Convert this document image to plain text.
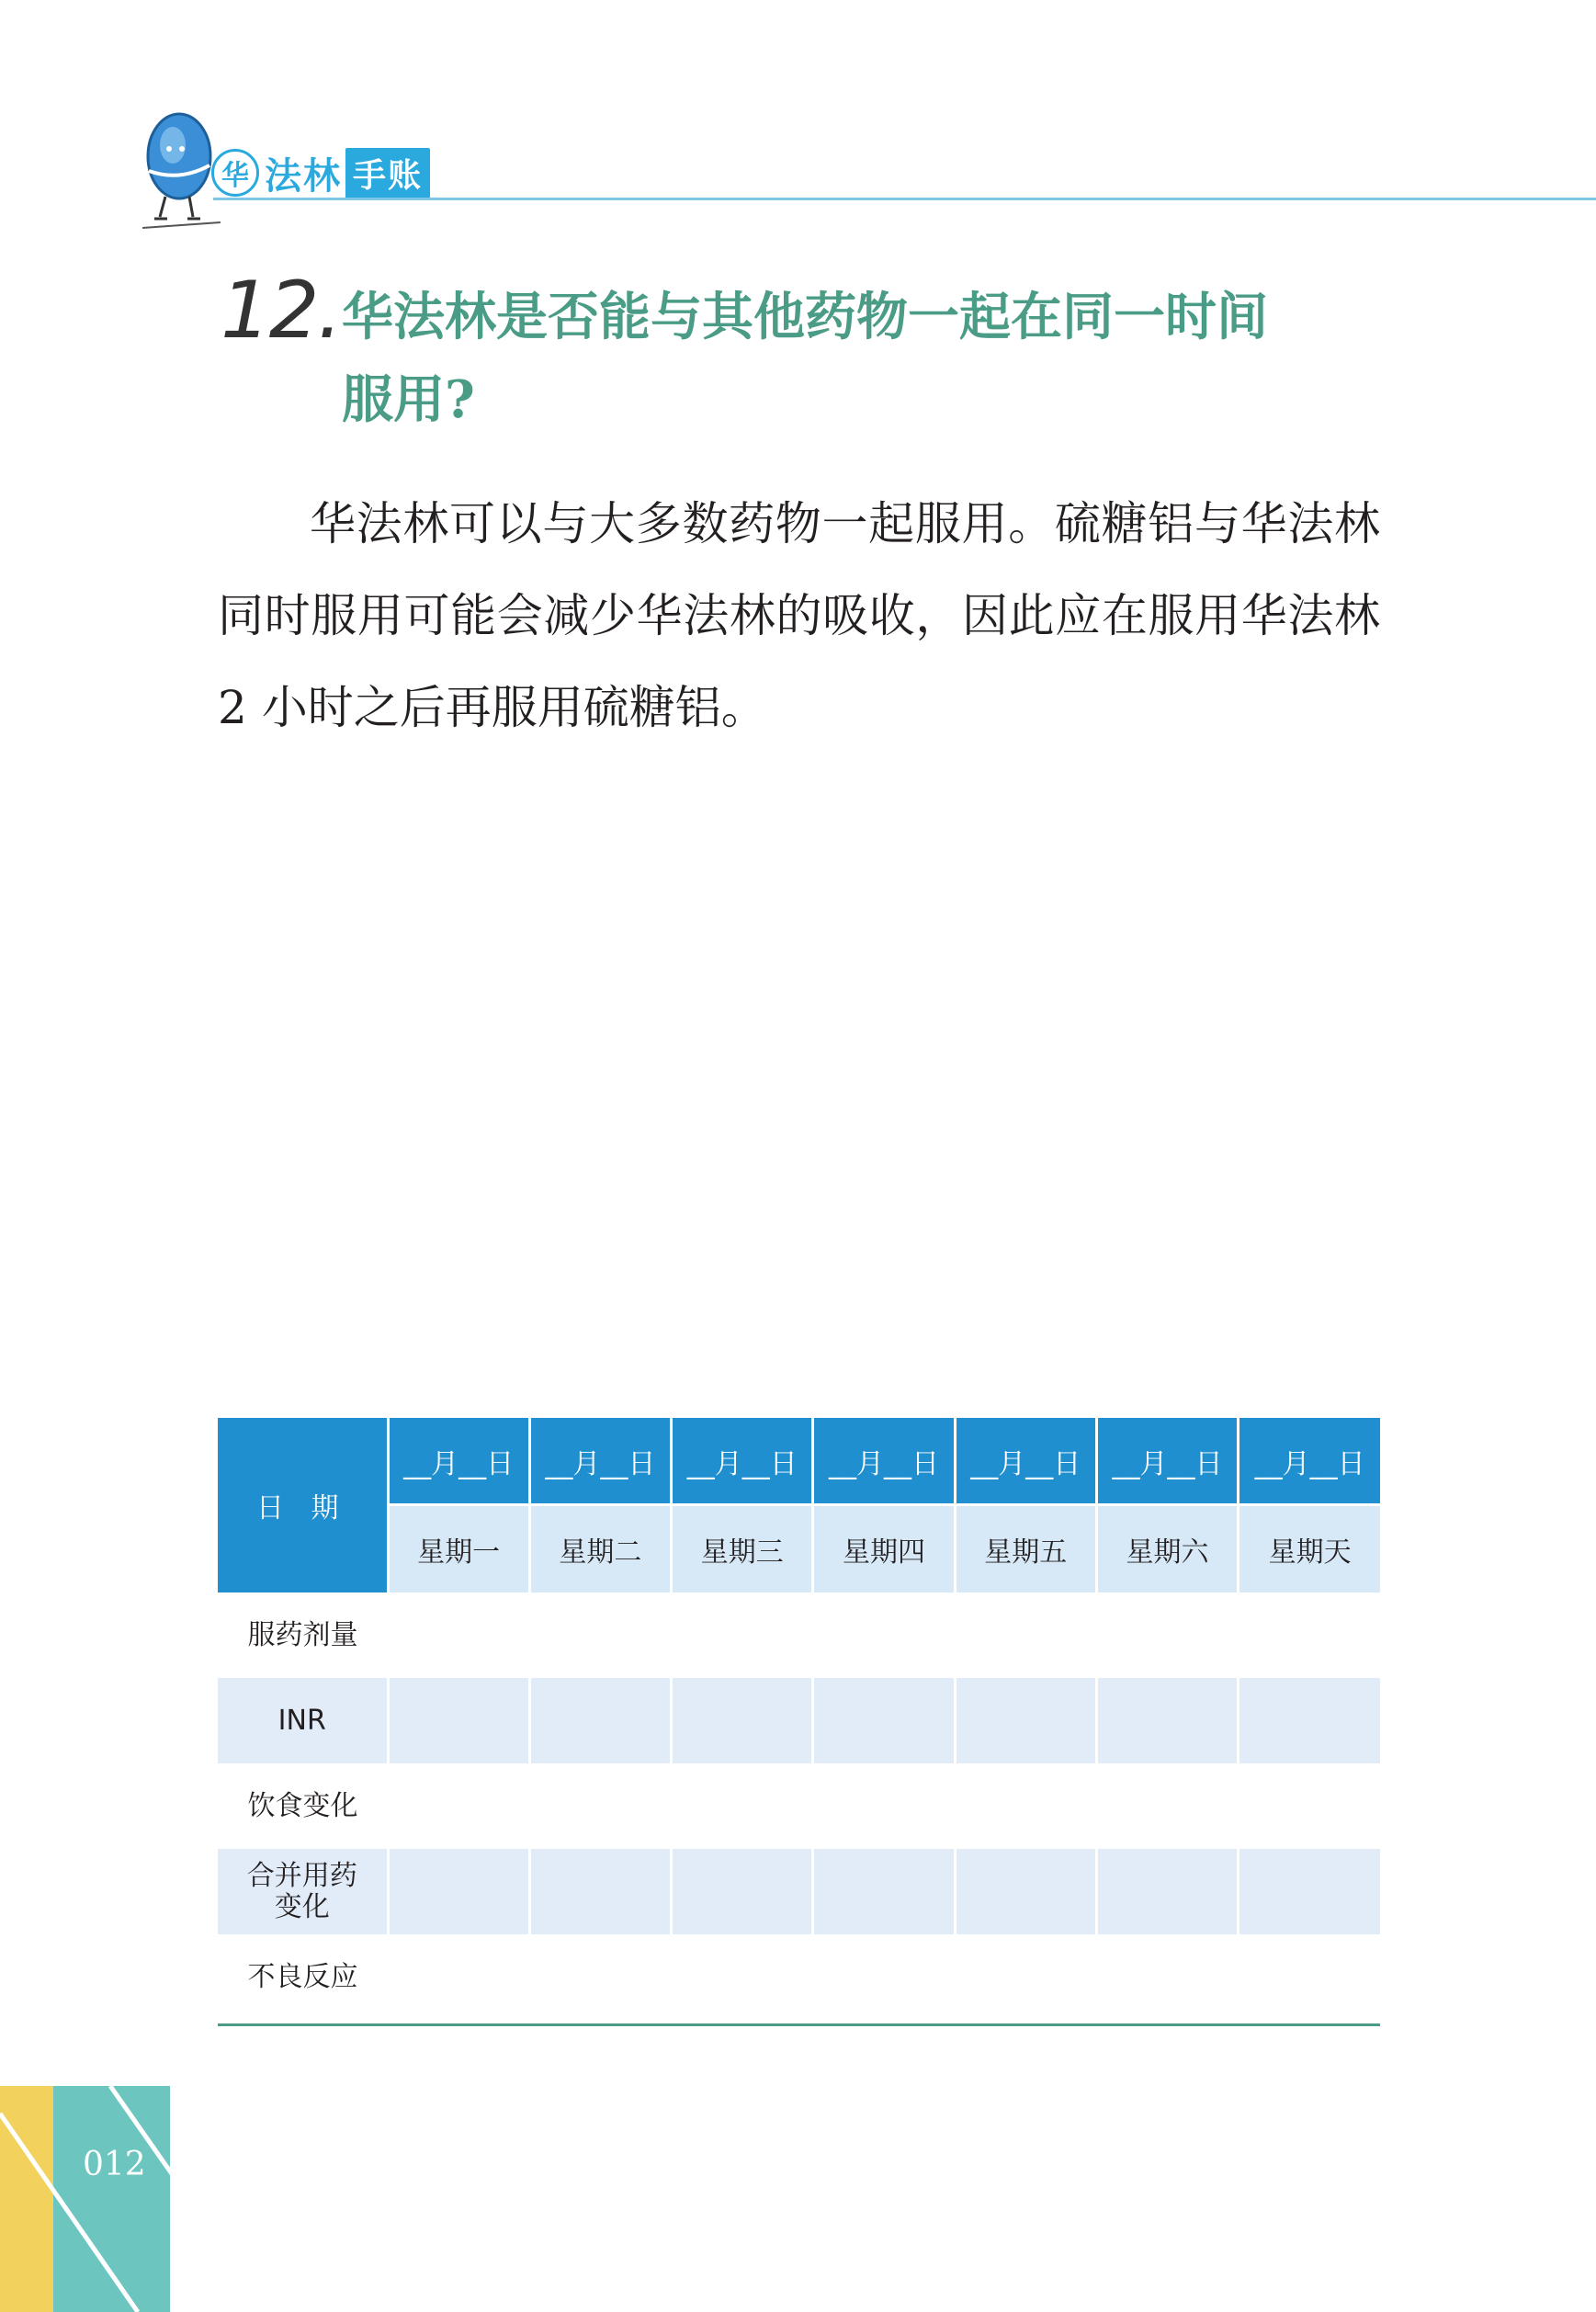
华 法林 手账
12. 华法林是否能与其他药物一起在同一时间
服用?
华法林可以与大多数药物一起服用。硫糖铝与华法林同时服用可能会减少华法林的吸收，因此应在服用华法林 2 小时之后再服用硫糖铝。
日 期	__月__日	__月__日	__月__日	__月__日	__月__日	__月__日	__月__日
	星期一	星期二	星期三	星期四	星期五	星期六	星期天
服药剂量							
INR							
饮食变化							
合并用药变化							
不良反应							
012
